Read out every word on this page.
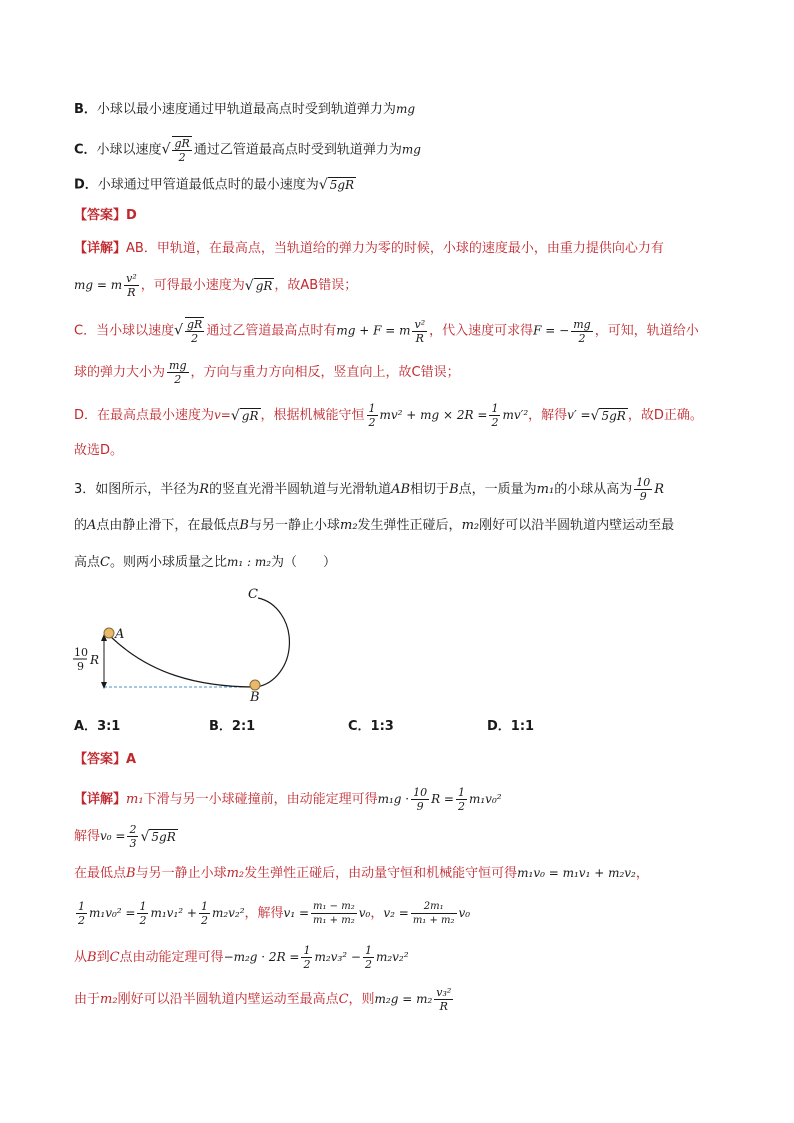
B．小球以最小速度通过甲轨道最高点时受到轨道弹力为mg
C．小球以速度√ $\frac{gR}{2}$ 通过乙管道最高点时受到轨道弹力为mg
D．小球通过甲管道最低点时的最小速度为√ 5gR
【答案】D
【详解】AB．甲轨道，在最高点，当轨道给的弹力为零的时候，小球的速度最小，由重力提供向心力有
mg = m $\frac{\text{v²}}{R}$ ，可得最小速度为√ gR ，故AB错误；
C．当小球以速度√ $\frac{gR}{2}$ 通过乙管道最高点时有mg + F = m $\frac{\text{v²}}{R}$ ，代入速度可求得F = − $\frac{mg}{2}$ ，可知，轨道给小
球的弹力大小为 $\frac{mg}{2}$ ，方向与重力方向相反，竖直向上，故C错误；
D．在最高点最小速度为v=√ gR ，根据机械能守恒 $\frac{1}{2} mv^2$ + mg × $2R = \frac{1}{2} mv'^2$，解得v′ =√ 5gR ，故D正确。
故选D。
3．如图所示，半径为R的竖直光滑半圆轨道与光滑轨道AB相切于B点，一质量为m₁的小球从高为 $\frac{10}{9}$ R
的A点由静止滑下，在最低点B与另一静止小球m₂发生弹性正碰后，m₂刚好可以沿半圆轨道内壁运动至最
高点C。则两小球质量之比m₁ : m₂为（　　）
C
A
B
10
9 R
A．3:1	B．2:1	C．1:3	D．1:1
【答案】A
【详解】m₁下滑与另一小球碰撞前，由动能定理可得$m_1g \cdot \frac{10}{9}$ $R = \frac{1}{2} m_1v_0^2$
解得$v_0 = \frac{2}{3}$ √ 5gR
在最低点B与另一静止小球m₂发生弹性正碰后，由动量守恒和机械能守恒可得m₁v₀ = m₁v₁ + m₂v₂，
$\frac{1}{2} m_1v_0^2 = \frac{1}{2} m_1v_1^2 + \frac{1}{2} m_2v_2^2$，解得$v_1 = \frac{\text{m₁ − m₂}}{\text{m₁ + m₂}} v_0$，$v_2 = \frac{\text{2m₁}}{\text{m₁ + m₂}} v_0$
从B到C点由动能定理可得$-m_2g \cdot 2R = \frac{1}{2} m_2v_3^2 - \frac{1}{2} m_2v_2^2$
由于m₂刚好可以沿半圆轨道内壁运动至最高点C，则$m_2g = m_2 \frac{\text{v₃²}}{R}$
